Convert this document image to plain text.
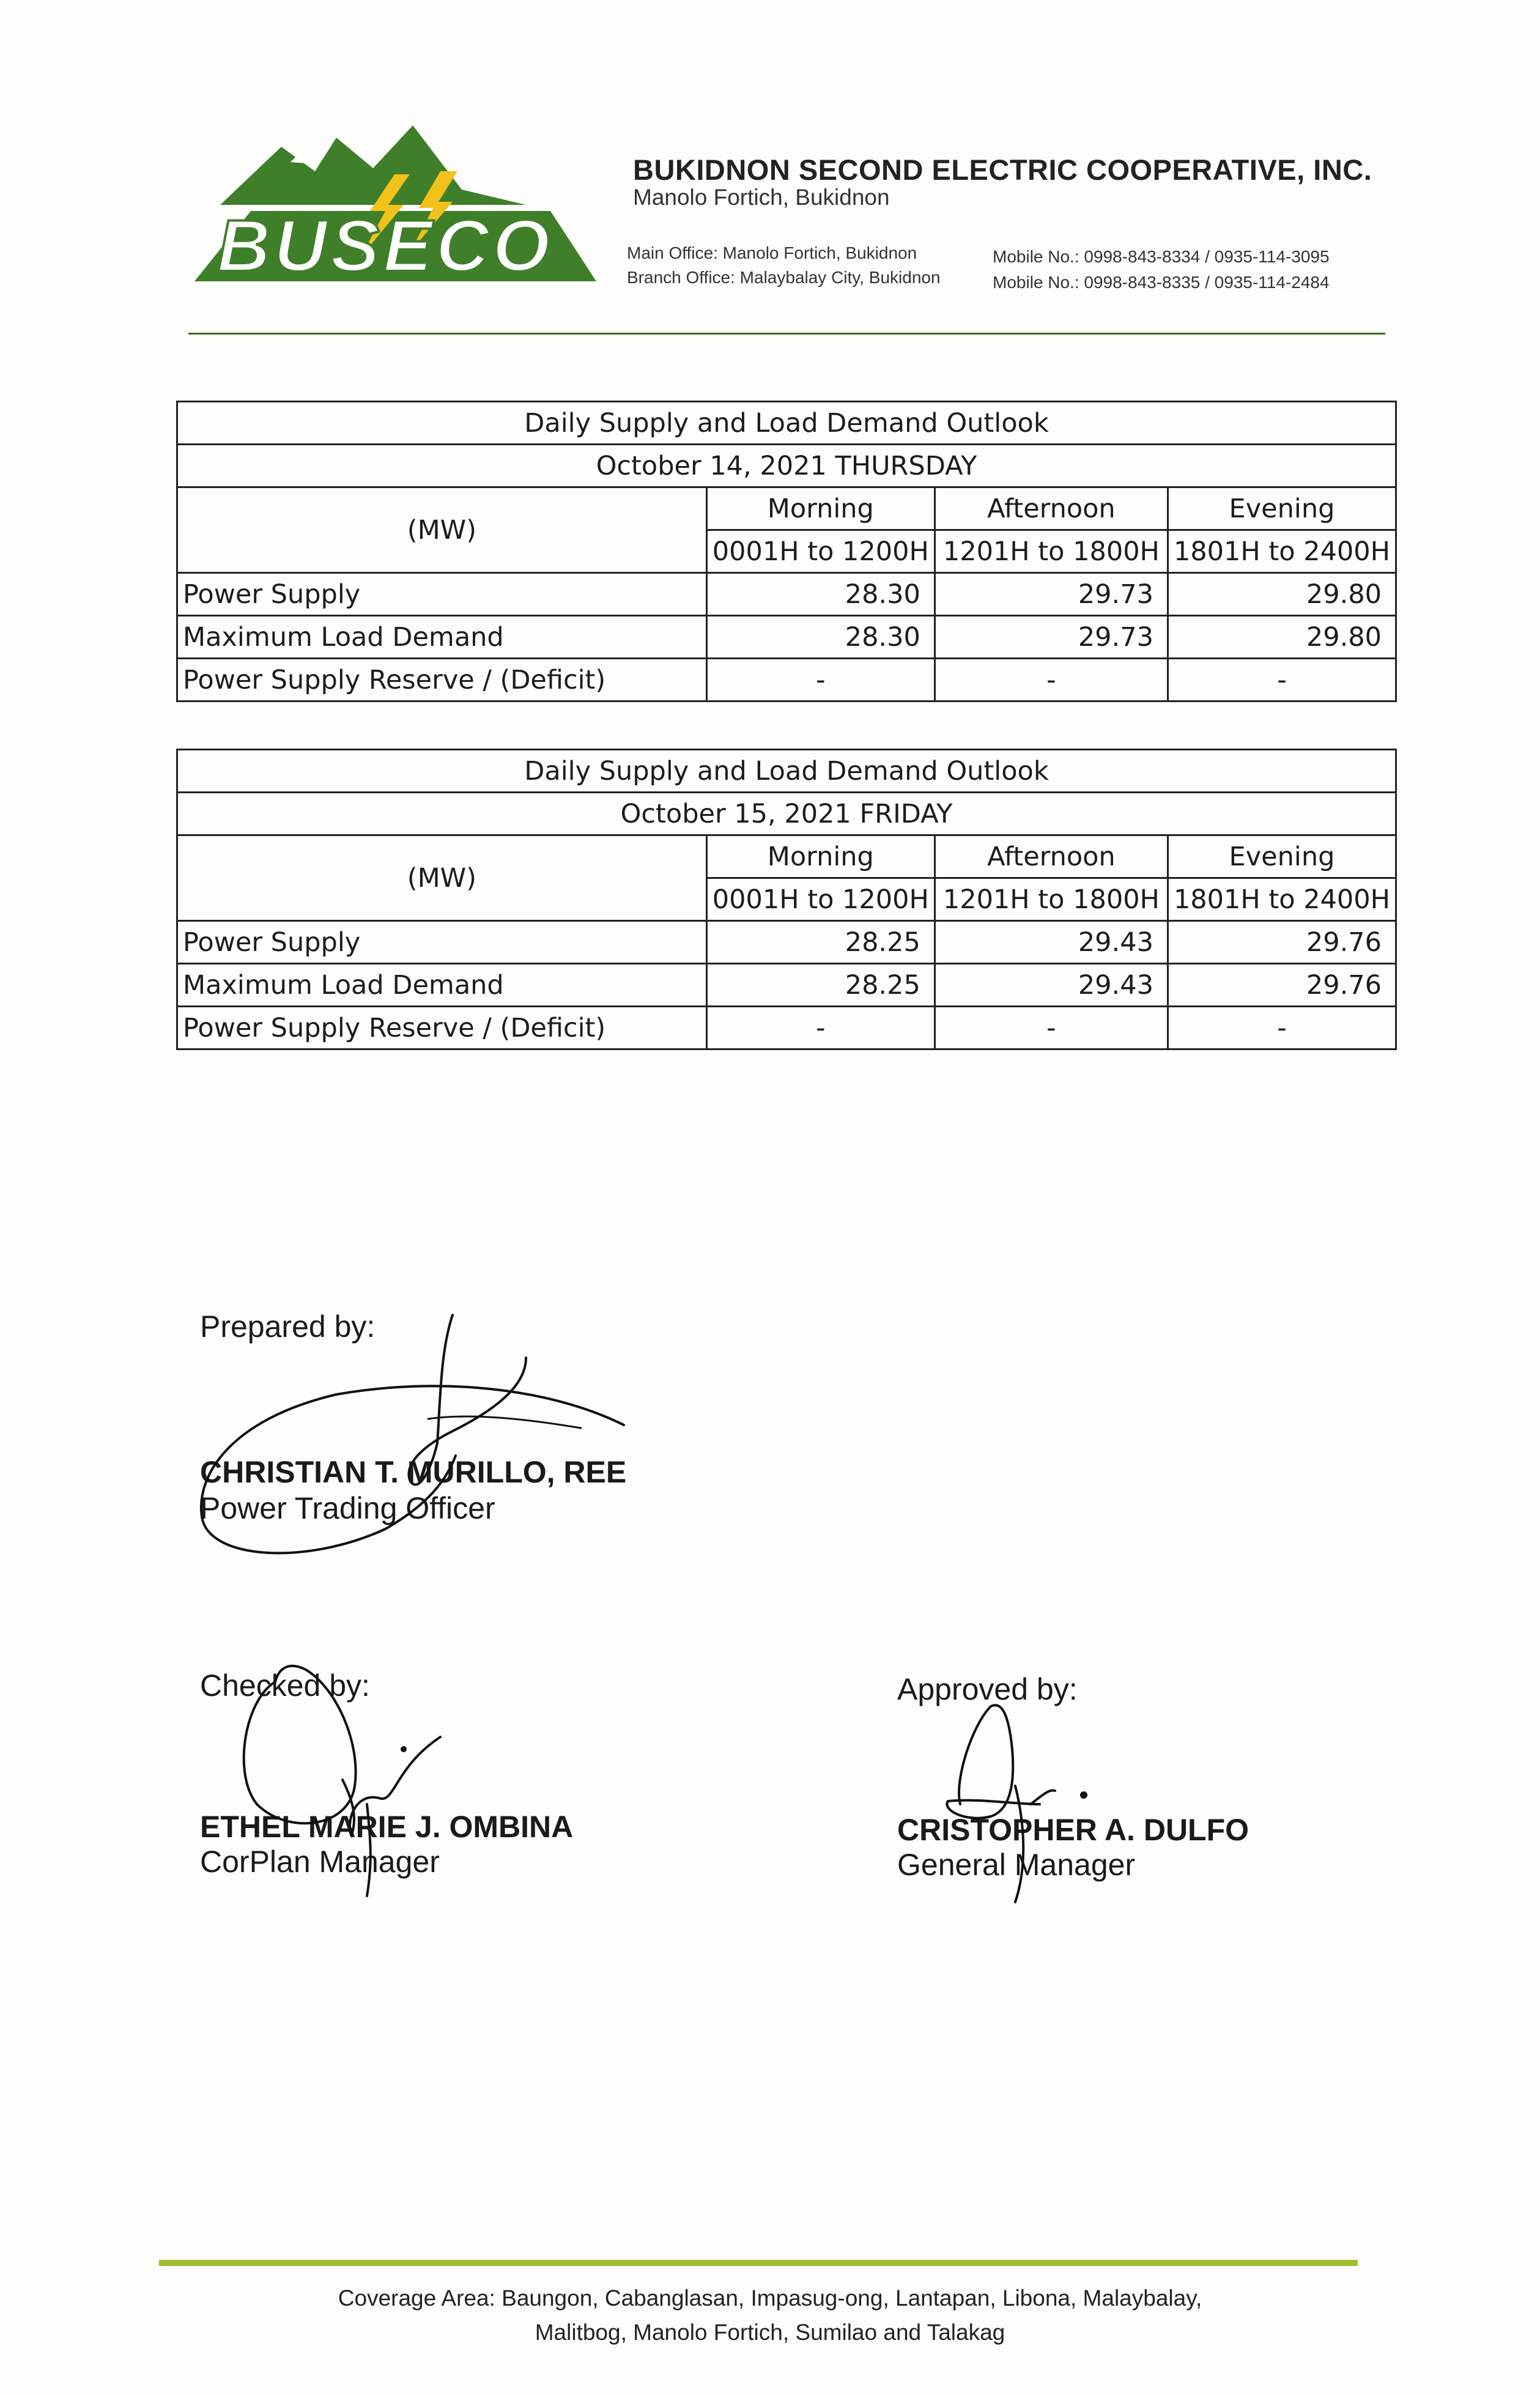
BUSECO
BUKIDNON SECOND ELECTRIC COOPERATIVE, INC.
Manolo Fortich, Bukidnon
Main Office: Manolo Fortich, Bukidnon
Branch Office: Malaybalay City, Bukidnon
Mobile No.: 0998-843-8334 / 0935-114-3095
Mobile No.: 0998-843-8335 / 0935-114-2484
Daily Supply and Load Demand Outlook			
October 14, 2021 THURSDAY			
(MW)	Morning	Afternoon	Evening
	0001H to 1200H	1201H to 1800H	1801H to 2400H
Power Supply	28.30	29.73	29.80
Maximum Load Demand	28.30	29.73	29.80
Power Supply Reserve / (Deficit)	-	-	-
Daily Supply and Load Demand Outlook			
October 15, 2021 FRIDAY			
(MW)	Morning	Afternoon	Evening
	0001H to 1200H	1201H to 1800H	1801H to 2400H
Power Supply	28.25	29.43	29.76
Maximum Load Demand	28.25	29.43	29.76
Power Supply Reserve / (Deficit)	-	-	-
Prepared by:
CHRISTIAN T. MURILLO, REE
Power Trading Officer
Checked by:
ETHEL MARIE J. OMBINA
CorPlan Manager
Approved by:
CRISTOPHER A. DULFO
General Manager
Coverage Area: Baungon, Cabanglasan, Impasug-ong, Lantapan, Libona, Malaybalay,
Malitbog, Manolo Fortich, Sumilao and Talakag
